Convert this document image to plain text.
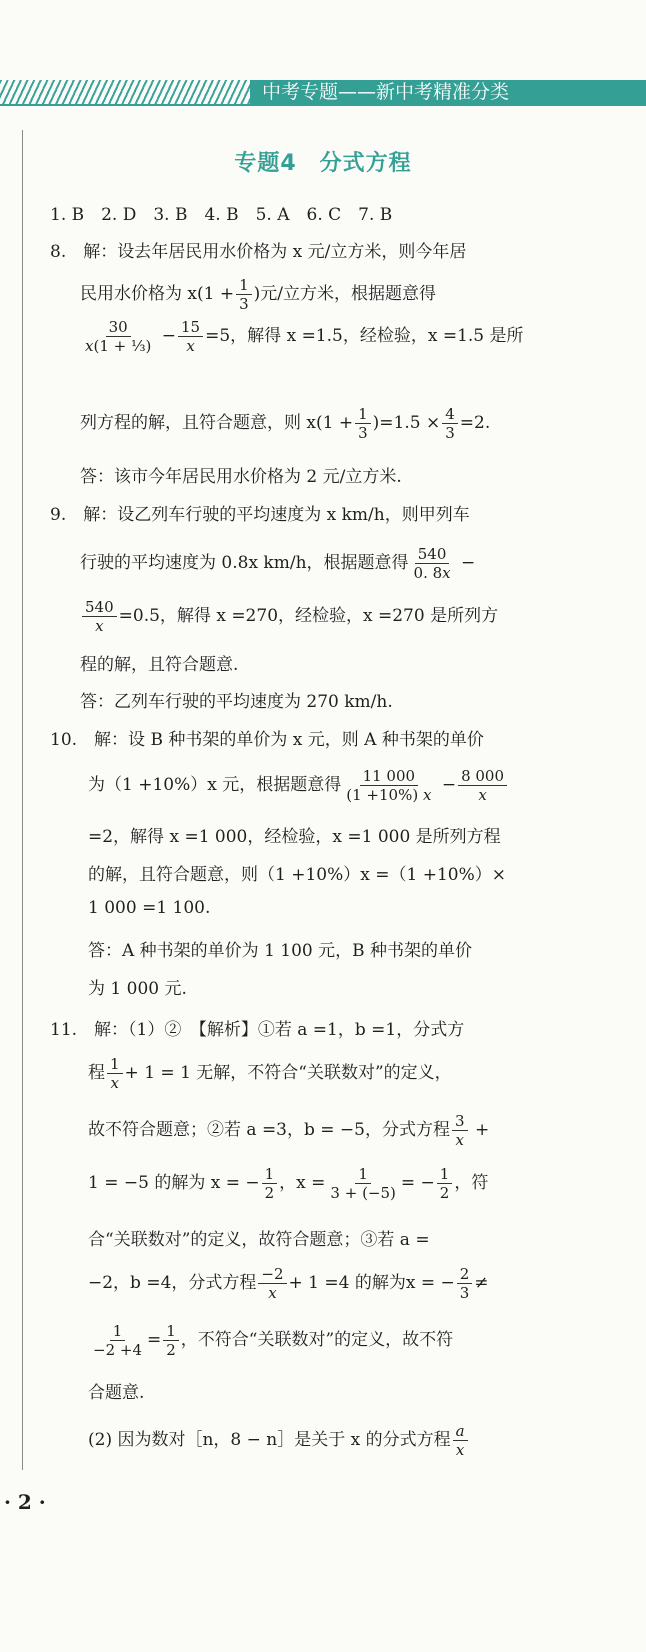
中考专题——新中考精准分类
专题4　分式方程
1. B　2. D　3. B　4. B　5. A　6. C　7. B
8.　解：设去年居民用水价格为 x 元/立方米，则今年居
民用水价格为 $x(1 + \frac{1}{3}$ )元/立方米，根据题意得
$\frac{30}{\text{x(1 + ⅓)}} - \frac{15}{x} =5$，解得 x =1.5，经检验，x =1.5 是所
列方程的解，且符合题意，则 $x(1 + \frac{1}{3} )=1.5 \times \frac{4}{3} =2$.
答：该市今年居民用水价格为 2 元/立方米.
9.　解：设乙列车行驶的平均速度为 x km/h，则甲列车
行驶的平均速度为 0.8x km/h，根据题意得 $\frac{540}{0. 8x}$ −
$\frac{540}{x} =0.5$，解得 x =270，经检验，x =270 是所列方
程的解，且符合题意.
答：乙列车行驶的平均速度为 270 km/h.
10.　解：设 B 种书架的单价为 x 元，则 A 种书架的单价
为（1 +10%）x 元，根据题意得 $\frac{11 000}{(1 +10\%) x} - \frac{8 000}{x}$
=2，解得 x =1 000，经检验，x =1 000 是所列方程
的解，且符合题意，则（1 +10%）x =（1 +10%）×
1 000 =1 100.
答：A 种书架的单价为 1 100 元，B 种书架的单价
为 1 000 元.
11.　解：（1）②　【解析】①若 a =1，b =1，分式方
程 $\frac{1}{x} + 1 = 1$ 无解，不符合“关联数对”的定义，
故不符合题意；②若 a =3，b = −5，分式方程 $\frac{3}{x}$ +
1 = −5 的解为 x = − $\frac{1}{2}$ ，$x = \frac{1}{3 + (-5)}$ = − $\frac{1}{2}$ ，符
合“关联数对”的定义，故符合题意；③若 a =
−2，b =4，分式方程 $\frac{-2}{x} + 1 =4$ 的解为x = − $\frac{2}{3}$ ≠
$\frac{1}{-2 +4} = \frac{1}{2}$ ，不符合“关联数对”的定义，故不符
合题意.
(2) 因为数对［n，8 − n］是关于 x 的分式方程 $\frac{a}{x}$
· 2 ·
